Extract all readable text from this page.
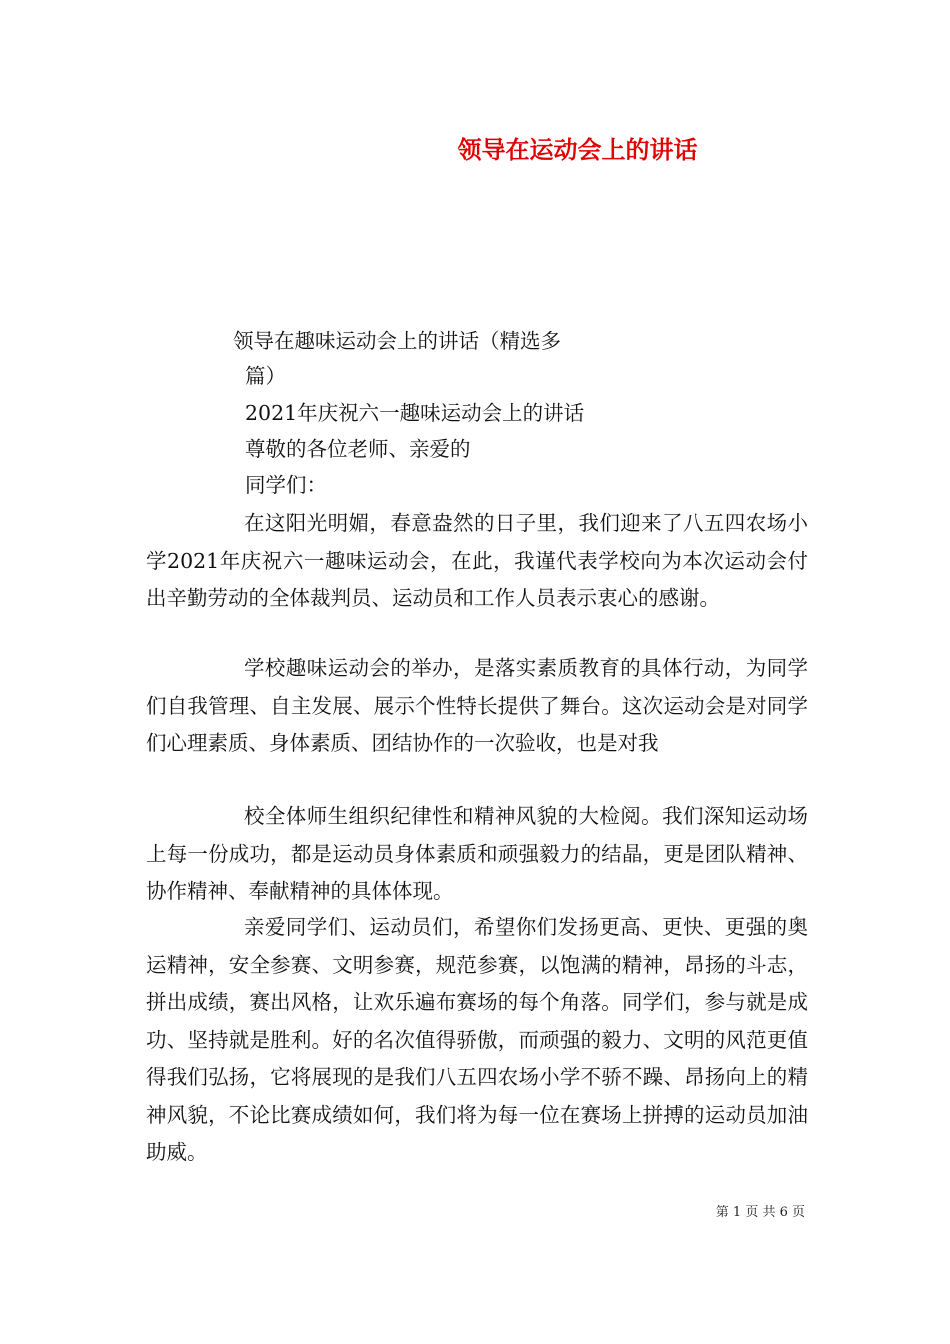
领导在运动会上的讲话
领导在趣味运动会上的讲话（精选多
篇）
2021年庆祝六一趣味运动会上的讲话
尊敬的各位老师、亲爱的
同学们：
在这阳光明媚，春意盎然的日子里，我们迎来了八五四农场小学2021年庆祝六一趣味运动会，在此，我谨代表学校向为本次运动会付出辛勤劳动的全体裁判员、运动员和工作人员表示衷心的感谢。
学校趣味运动会的举办，是落实素质教育的具体行动，为同学们自我管理、自主发展、展示个性特长提供了舞台。这次运动会是对同学们心理素质、身体素质、团结协作的一次验收，也是对我
校全体师生组织纪律性和精神风貌的大检阅。我们深知运动场上每一份成功，都是运动员身体素质和顽强毅力的结晶，更是团队精神、协作精神、奉献精神的具体体现。
亲爱同学们、运动员们，希望你们发扬更高、更快、更强的奥运精神，安全参赛、文明参赛，规范参赛，以饱满的精神，昂扬的斗志，拼出成绩，赛出风格，让欢乐遍布赛场的每个角落。同学们，参与就是成功、坚持就是胜利。好的名次值得骄傲，而顽强的毅力、文明的风范更值得我们弘扬，它将展现的是我们八五四农场小学不骄不躁、昂扬向上的精神风貌，不论比赛成绩如何，我们将为每一位在赛场上拼搏的运动员加油助威。
第 1 页 共 6 页
